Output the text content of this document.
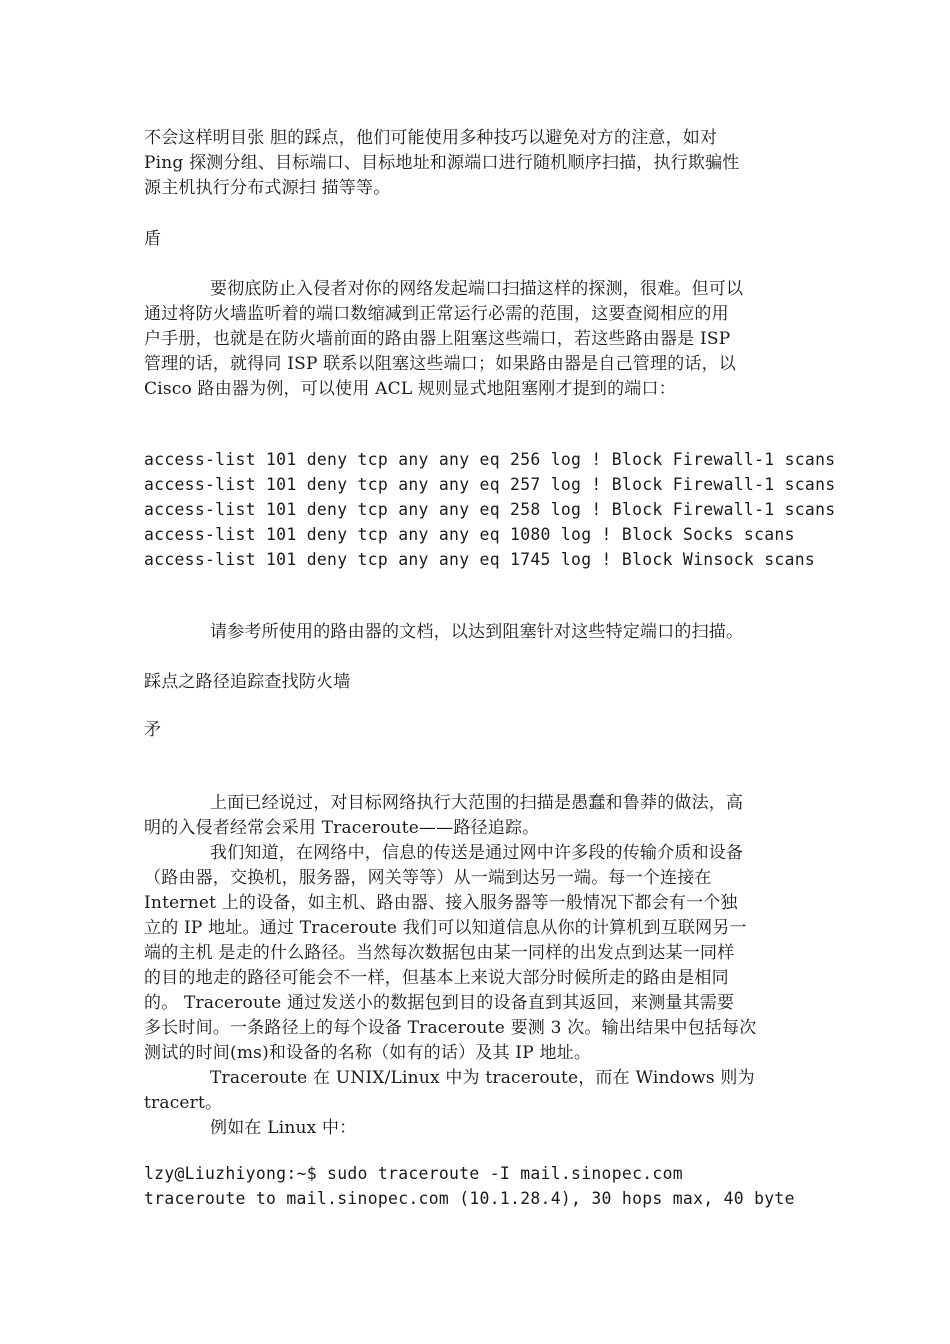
不会这样明目张 胆的踩点，他们可能使用多种技巧以避免对方的注意，如对
Ping 探测分组、目标端口、目标地址和源端口进行随机顺序扫描，执行欺骗性
源主机执行分布式源扫 描等等。
盾
要彻底防止入侵者对你的网络发起端口扫描这样的探测，很难。但可以
通过将防火墙监听着的端口数缩减到正常运行必需的范围，这要查阅相应的用
户手册，也就是在防火墙前面的路由器上阻塞这些端口，若这些路由器是 ISP
管理的话，就得同 ISP 联系以阻塞这些端口；如果路由器是自己管理的话，以
Cisco 路由器为例，可以使用 ACL 规则显式地阻塞刚才提到的端口：
access-list 101 deny tcp any any eq 256 log ! Block Firewall-1 scans
access-list 101 deny tcp any any eq 257 log ! Block Firewall-1 scans
access-list 101 deny tcp any any eq 258 log ! Block Firewall-1 scans
access-list 101 deny tcp any any eq 1080 log ! Block Socks scans
access-list 101 deny tcp any any eq 1745 log ! Block Winsock scans
请参考所使用的路由器的文档，以达到阻塞针对这些特定端口的扫描。
踩点之路径追踪查找防火墙
矛
上面已经说过，对目标网络执行大范围的扫描是愚蠢和鲁莽的做法，高
明的入侵者经常会采用 Traceroute——路径追踪。
我们知道，在网络中，信息的传送是通过网中许多段的传输介质和设备
（路由器，交换机，服务器，网关等等）从一端到达另一端。每一个连接在
Internet 上的设备，如主机、路由器、接入服务器等一般情况下都会有一个独
立的 IP 地址。通过 Traceroute 我们可以知道信息从你的计算机到互联网另一
端的主机 是走的什么路径。当然每次数据包由某一同样的出发点到达某一同样
的目的地走的路径可能会不一样，但基本上来说大部分时候所走的路由是相同
的。 Traceroute 通过发送小的数据包到目的设备直到其返回，来测量其需要
多长时间。一条路径上的每个设备 Traceroute 要测 3 次。输出结果中包括每次
测试的时间(ms)和设备的名称（如有的话）及其 IP 地址。
Traceroute 在 UNIX/Linux 中为 traceroute，而在 Windows 则为
tracert。
例如在 Linux 中：
lzy@Liuzhiyong:~$ sudo traceroute -I mail.sinopec.com
traceroute to mail.sinopec.com (10.1.28.4), 30 hops max, 40 byte
